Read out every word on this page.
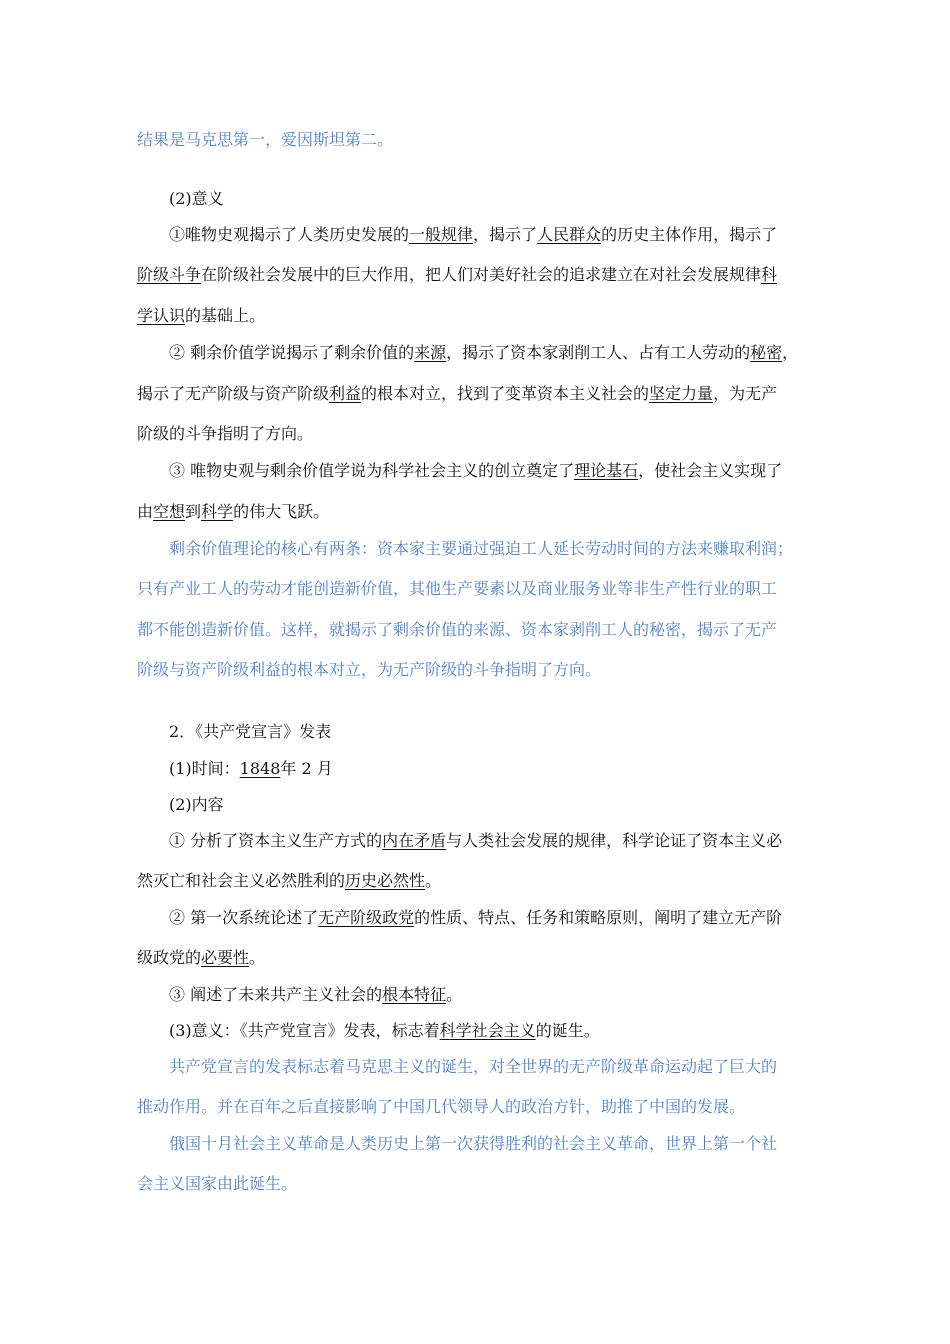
结果是马克思第一，爱因斯坦第二。
(2)意义
①唯物史观揭示了人类历史发展的一般规律，揭示了人民群众的历史主体作用，揭示了
阶级斗争在阶级社会发展中的巨大作用，把人们对美好社会的追求建立在对社会发展规律科
学认识的基础上。
② 剩余价值学说揭示了剩余价值的来源，揭示了资本家剥削工人、占有工人劳动的秘密，
揭示了无产阶级与资产阶级利益的根本对立，找到了变革资本主义社会的坚定力量，为无产
阶级的斗争指明了方向。
③ 唯物史观与剩余价值学说为科学社会主义的创立奠定了理论基石，使社会主义实现了
由空想到科学的伟大飞跃。
剩余价值理论的核心有两条：资本家主要通过强迫工人延长劳动时间的方法来赚取利润；
只有产业工人的劳动才能创造新价值，其他生产要素以及商业服务业等非生产性行业的职工
都不能创造新价值。这样，就揭示了剩余价值的来源、资本家剥削工人的秘密，揭示了无产
阶级与资产阶级利益的根本对立，为无产阶级的斗争指明了方向。
2．《共产党宣言》发表
(1)时间：1848年 2 月
(2)内容
① 分析了资本主义生产方式的内在矛盾与人类社会发展的规律，科学论证了资本主义必
然灭亡和社会主义必然胜利的历史必然性。
② 第一次系统论述了无产阶级政党的性质、特点、任务和策略原则，阐明了建立无产阶
级政党的必要性。
③ 阐述了未来共产主义社会的根本特征。
(3)意义：《共产党宣言》发表，标志着科学社会主义的诞生。
共产党宣言的发表标志着马克思主义的诞生，对全世界的无产阶级革命运动起了巨大的
推动作用。并在百年之后直接影响了中国几代领导人的政治方针，助推了中国的发展。
俄国十月社会主义革命是人类历史上第一次获得胜利的社会主义革命，世界上第一个社
会主义国家由此诞生。
